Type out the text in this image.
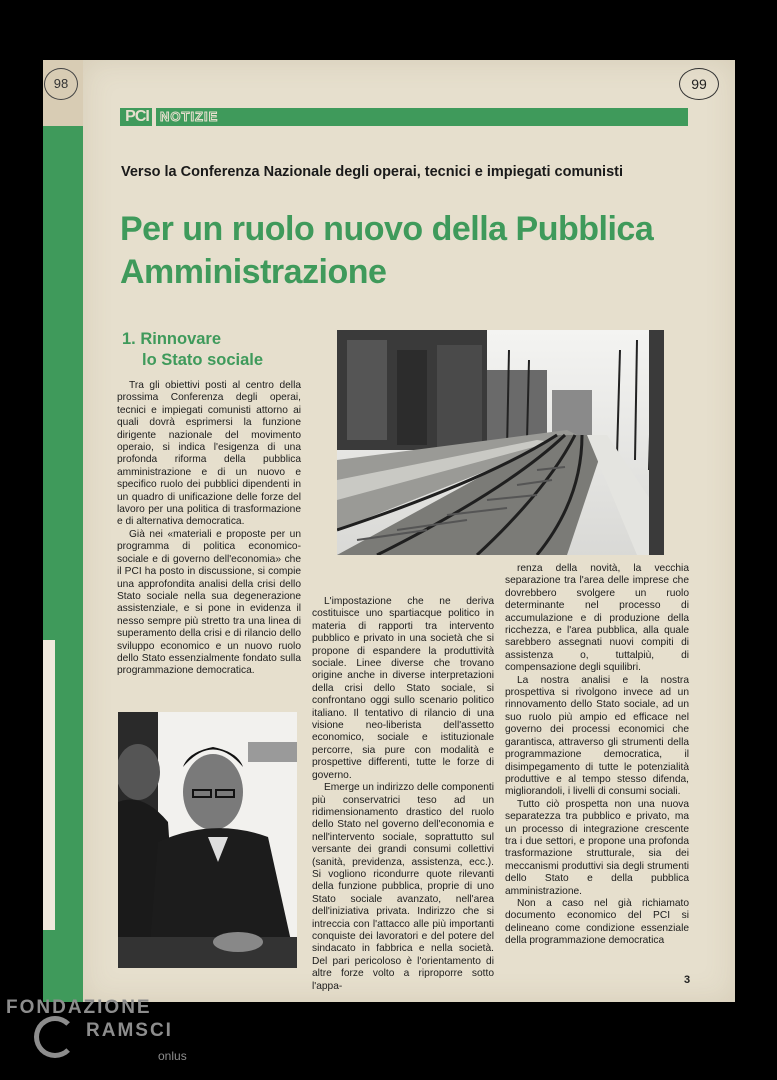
98	99
PCI NOTIZIE
Verso la Conferenza Nazionale degli operai, tecnici e impiegati comunisti
Per un ruolo nuovo della Pubblica
Amministrazione
1. Rinnovare
lo Stato sociale

Tra gli obiettivi posti al centro della prossima Conferenza degli operai, tecnici e impiegati comunisti attorno ai quali dovrà esprimersi la funzione dirigente nazionale del movimento operaio, si indica l'esigenza di una profonda riforma della pubblica amministrazione e di un nuovo e specifico ruolo dei pubblici dipendenti in un quadro di unificazione delle forze del lavoro per una politica di trasformazione e di alternativa democratica.

Già nei «materiali e proposte per un programma di politica economico-sociale e di governo dell'economia» che il PCI ha posto in discussione, si compie una approfondita analisi della crisi dello Stato sociale nella sua degenerazione assistenziale, e si pone in evidenza il nesso sempre più stretto tra una linea di superamento della crisi e di rilancio dello sviluppo economico e un nuovo ruolo dello Stato essenzialmente fondato sulla programmazione democratica.

L'impostazione che ne deriva costituisce uno spartiacque politico in materia di rapporti tra intervento pubblico e privato in una società che si propone di espandere la produttività sociale. Linee diverse che trovano origine anche in diverse interpretazioni della crisi dello Stato sociale, si confrontano oggi sullo scenario politico italiano. Il tentativo di rilancio di una visione neo-liberista dell'assetto economico, sociale e istituzionale percorre, sia pure con modalità e prospettive differenti, tutte le forze di governo.

Emerge un indirizzo delle componenti più conservatrici teso ad un ridimensionamento drastico del ruolo dello Stato nel governo dell'economia e nell'intervento sociale, soprattutto sul versante dei grandi consumi collettivi (sanità, previdenza, assistenza, ecc.). Si vogliono ricondurre quote rilevanti della funzione pubblica, proprie di uno Stato sociale avanzato, nell'area dell'iniziativa privata. Indirizzo che si intreccia con l'attacco alle più importanti conquiste dei lavoratori e del potere del sindacato in fabbrica e nella società. Del pari pericoloso è l'orientamento di altre forze volto a riproporre sotto l'appa-

renza della novità, la vecchia separazione tra l'area delle imprese che dovrebbero svolgere un ruolo determinante nel processo di accumulazione e di produzione della ricchezza, e l'area pubblica, alla quale sarebbero assegnati nuovi compiti di assistenza o, tuttalpiù, di compensazione degli squilibri.

La nostra analisi e la nostra prospettiva si rivolgono invece ad un rinnovamento dello Stato sociale, ad un suo ruolo più ampio ed efficace nel governo dei processi economici che garantisca, attraverso gli strumenti della programmazione democratica, il disimpegamento di tutte le potenzialità produttive e al tempo stesso difenda, migliorandoli, i livelli di consumi sociali.

Tutto ciò prospetta non una nuova separatezza tra pubblico e privato, ma un processo di integrazione crescente tra i due settori, e propone una profonda trasformazione strutturale, sia dei meccanismi produttivi sia degli strumenti dello Stato e della pubblica amministrazione.

Non a caso nel già richiamato documento economico del PCI si delineano come condizione essenziale della programmazione democratica

3
FONDAZIONE
RAMSCI
onlus
